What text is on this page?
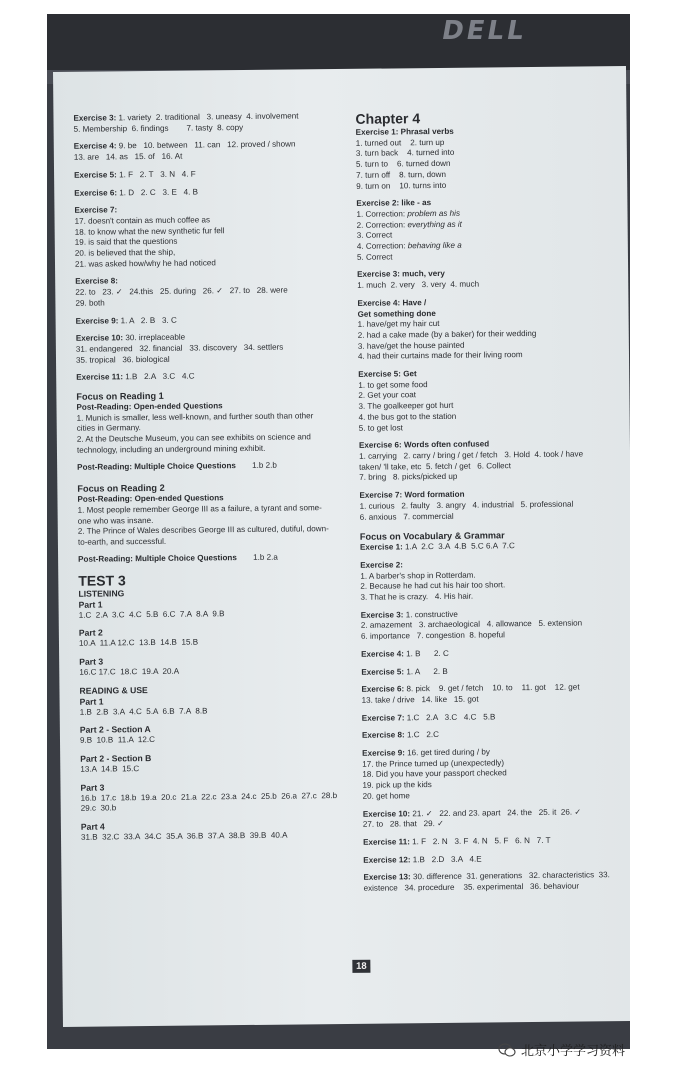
DELL
Exercise 3: 1. variety  2. traditional   3. uneasy  4. involvement
5. Membership  6. findings        7. tasty  8. copy
Exercise 4: 9. be   10. between   11. can   12. proved / shown
13. are   14. as   15. of   16. At
Exercise 5: 1. F   2. T   3. N   4. F
Exercise 6: 1. D   2. C   3. E   4. B
Exercise 7:
17. doesn't contain as much coffee as
18. to know what the new synthetic fur fell
19. is said that the questions
20. is believed that the ship,
21. was asked how/why he had noticed
Exercise 8:
22. to   23. ✓   24.this   25. during   26. ✓   27. to   28. were
29. both
Exercise 9: 1. A   2. B   3. C
Exercise 10: 30. irreplaceable
31. endangered   32. financial   33. discovery   34. settlers
35. tropical   36. biological
Exercise 11: 1.B   2.A   3.C   4.C
Focus on Reading 1
Post-Reading: Open-ended Questions
1. Munich is smaller, less well-known, and further south than other
cities in Germany.
2. At the Deutsche Museum, you can see exhibits on science and
technology, including an underground mining exhibit.
Post-Reading: Multiple Choice Questions 1.b 2.b
Focus on Reading 2
Post-Reading: Open-ended Questions
1. Most people remember George III as a failure, a tyrant and some-
one who was insane.
2. The Prince of Wales describes George III as cultured, dutiful, down-
to-earth, and successful.
Post-Reading: Multiple Choice Questions 1.b 2.a
TEST 3
LISTENING
Part 1
1.C  2.A  3.C  4.C  5.B  6.C  7.A  8.A  9.B
Part 2
10.A  11.A 12.C  13.B  14.B  15.B
Part 3
16.C 17.C  18.C  19.A  20.A
READING & USE
Part 1
1.B  2.B  3.A  4.C  5.A  6.B  7.A  8.B
Part 2 - Section A
9.B  10.B  11.A  12.C
Part 2 - Section B
13.A  14.B  15.C
Part 3
16.b  17.c  18.b  19.a  20.c  21.a  22.c  23.a  24.c  25.b  26.a  27.c  28.b  29.c  30.b
Part 4
31.B  32.C  33.A  34.C  35.A  36.B  37.A  38.B  39.B  40.A
Chapter 4
Exercise 1: Phrasal verbs
1. turned out    2. turn up
3. turn back    4. turned into
5. turn to    6. turned down
7. turn off    8. turn, down
9. turn on    10. turns into
Exercise 2: like - as
1. Correction: problem as his
2. Correction: everything as it
3. Correct
4. Correction: behaving like a
5. Correct
Exercise 3: much, very
1. much  2. very   3. very  4. much
Exercise 4: Have /
Get something done
1. have/get my hair cut
2. had a cake made (by a baker) for their wedding
3. have/get the house painted
4. had their curtains made for their living room
Exercise 5: Get
1. to get some food
2. Get your coat
3. The goalkeeper got hurt
4. the bus got to the station
5. to get lost
Exercise 6: Words often confused
1. carrying   2. carry / bring / get / fetch   3. Hold  4. took / have
taken/ 'll take, etc  5. fetch / get   6. Collect
7. bring   8. picks/picked up
Exercise 7: Word formation
1. curious   2. faulty   3. angry   4. industrial   5. professional
6. anxious   7. commercial
Focus on Vocabulary & Grammar
Exercise 1: 1.A  2.C  3.A  4.B  5.C 6.A  7.C
Exercise 2:
1. A barber's shop in Rotterdam.
2. Because he had cut his hair too short.
3. That he is crazy.   4. His hair.
Exercise 3: 1. constructive
2. amazement   3. archaeological   4. allowance   5. extension
6. importance   7. congestion  8. hopeful
Exercise 4: 1. B      2. C
Exercise 5: 1. A      2. B
Exercise 6: 8. pick    9. get / fetch    10. to    11. got    12. get
13. take / drive   14. like   15. got
Exercise 7: 1.C   2.A   3.C   4.C   5.B
Exercise 8: 1.C   2.C
Exercise 9: 16. get tired during / by
17. the Prince turned up (unexpectedly)
18. Did you have your passport checked
19. pick up the kids
20. get home
Exercise 10: 21. ✓   22. and 23. apart   24. the   25. it  26. ✓
27. to   28. that   29. ✓
Exercise 11: 1. F   2. N   3. F  4. N   5. F   6. N   7. T
Exercise 12: 1.B   2.D   3.A   4.E
Exercise 13: 30. difference  31. generations   32. characteristics  33.
existence   34. procedure    35. experimental   36. behaviour
18
北京小学学习资料
